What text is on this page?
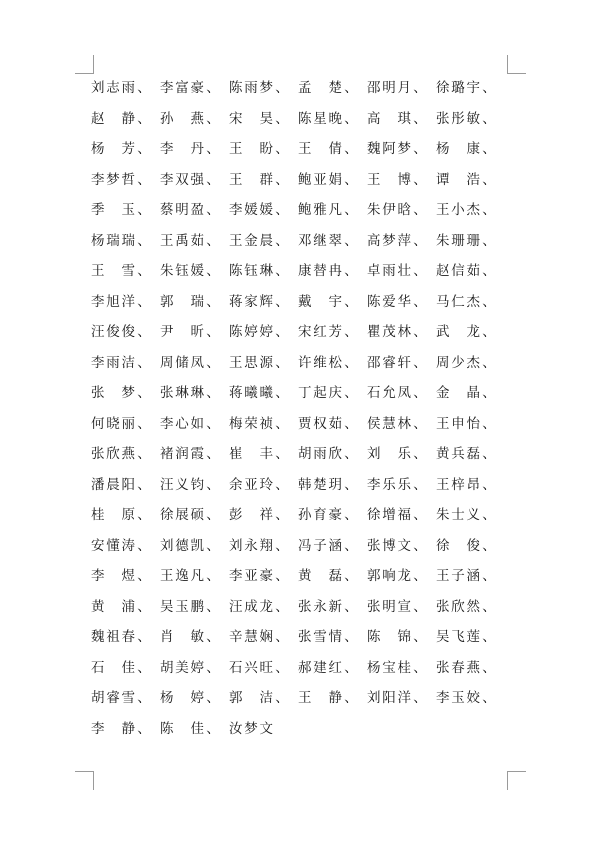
刘志雨 、 李富豪 、 陈雨梦 、 孟 楚 、 邵明月 、 徐璐宇 、
赵 静 、 孙 燕 、 宋 昊 、 陈星晚 、 高 琪 、 张彤敏 、
杨 芳 、 李 丹 、 王 盼 、 王 倩 、 魏阿梦 、 杨 康 、
李梦哲 、 李双强 、 王 群 、 鲍亚娟 、 王 博 、 谭 浩 、
季 玉 、 蔡明盈 、 李媛媛 、 鲍雅凡 、 朱伊晗 、 王小杰 、
杨瑞瑞 、 王禹茹 、 王金晨 、 邓继翠 、 高梦萍 、 朱珊珊 、
王 雪 、 朱钰媛 、 陈钰琳 、 康替冉 、 卓雨壮 、 赵信茹 、
李旭洋 、 郭 瑞 、 蒋家辉 、 戴 宇 、 陈爱华 、 马仁杰 、
汪俊俊 、 尹 昕 、 陈婷婷 、 宋红芳 、 瞿茂林 、 武 龙 、
李雨洁 、 周储凤 、 王思源 、 许维松 、 邵睿轩 、 周少杰 、
张 梦 、 张琳琳 、 蒋曦曦 、 丁起庆 、 石允凤 、 金 晶 、
何晓丽 、 李心如 、 梅荣祯 、 贾权茹 、 侯慧林 、 王申怡 、
张欣燕 、 褚润霞 、 崔 丰 、 胡雨欣 、 刘 乐 、 黄兵磊 、
潘晨阳 、 汪义钧 、 余亚玲 、 韩楚玥 、 李乐乐 、 王梓昂 、
桂 原 、 徐展硕 、 彭 祥 、 孙育豪 、 徐增福 、 朱士义 、
安懂涛 、 刘德凯 、 刘永翔 、 冯子涵 、 张博文 、 徐 俊 、
李 煜 、 王逸凡 、 李亚豪 、 黄 磊 、 郭响龙 、 王子涵 、
黄 浦 、 吴玉鹏 、 汪成龙 、 张永新 、 张明宣 、 张欣然 、
魏祖春 、 肖 敏 、 辛慧娴 、 张雪情 、 陈 锦 、 吴飞莲 、
石 佳 、 胡美婷 、 石兴旺 、 郝建红 、 杨宝桂 、 张春燕 、
胡睿雪 、 杨 婷 、 郭 洁 、 王 静 、 刘阳洋 、 李玉姣 、
李 静 、 陈 佳 、 汝梦文
